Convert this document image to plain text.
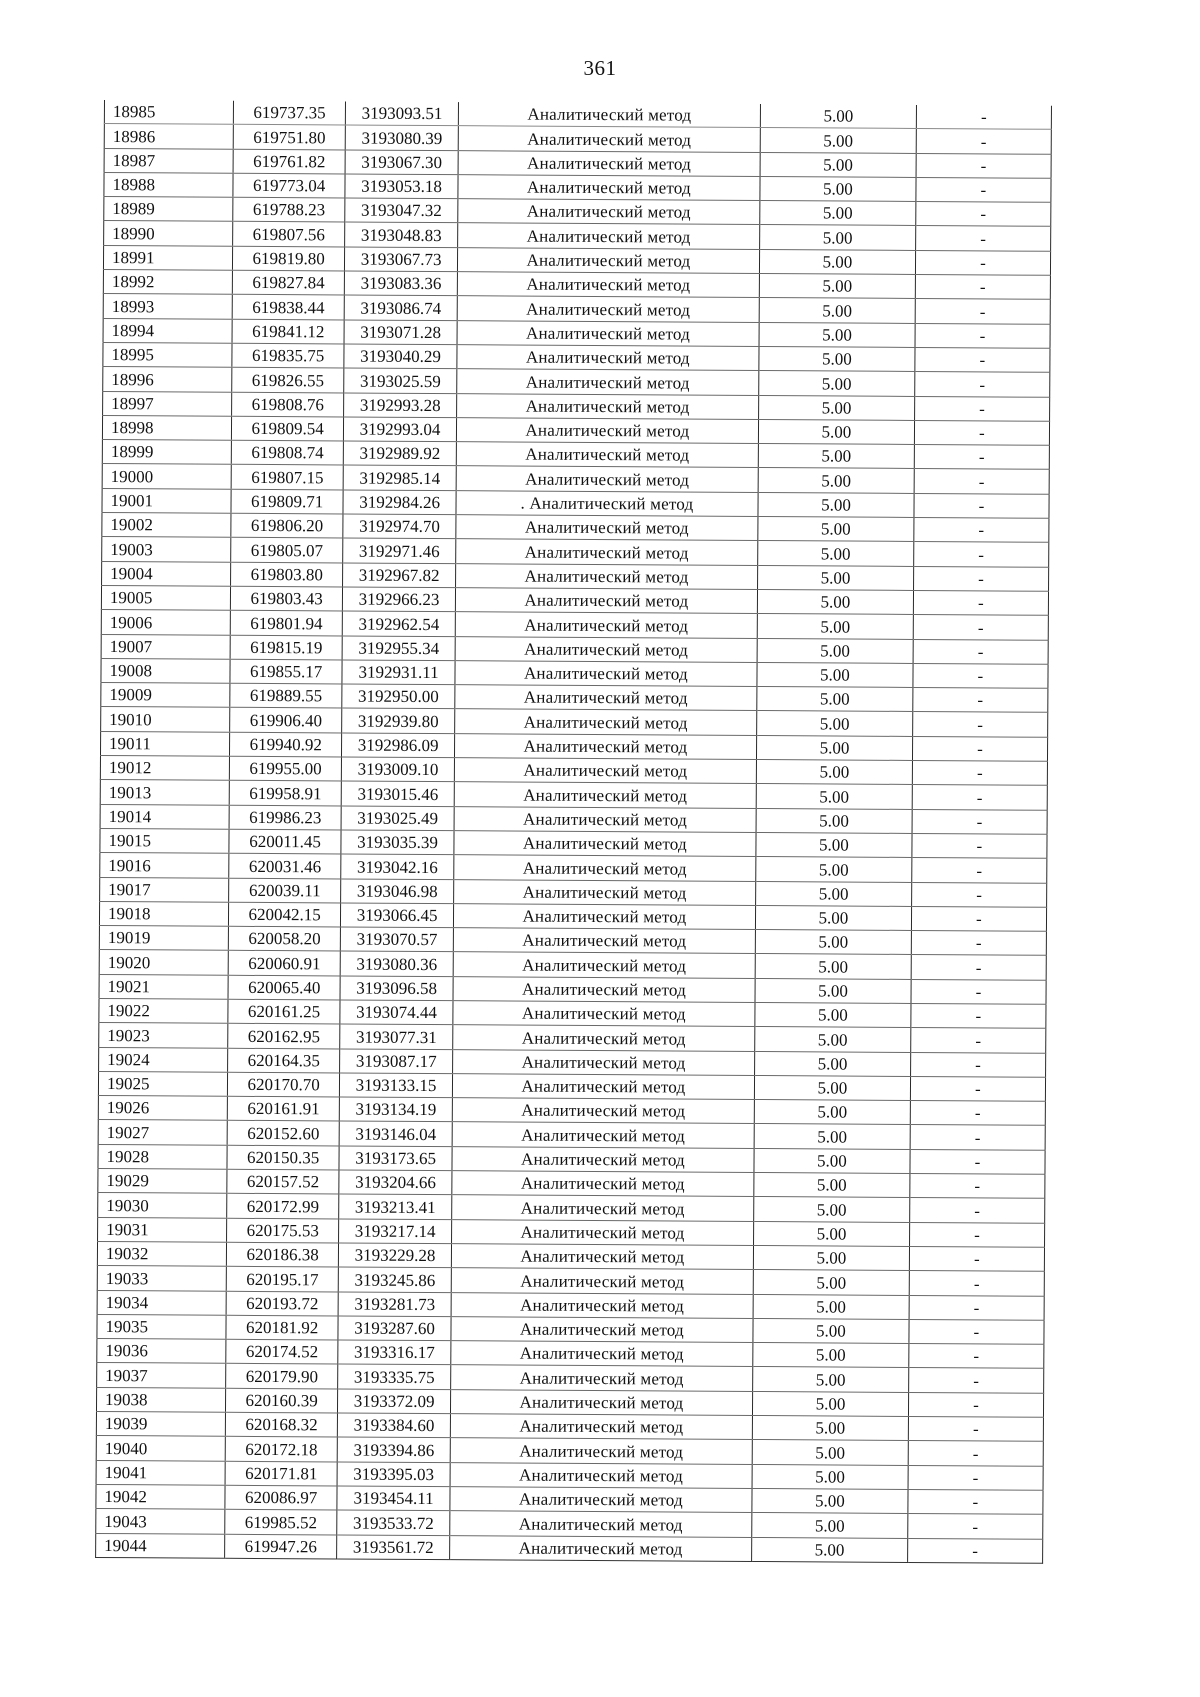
361
18985	619737.35	3193093.51	Аналитический метод	5.00	-
18986	619751.80	3193080.39	Аналитический метод	5.00	-
18987	619761.82	3193067.30	Аналитический метод	5.00	-
18988	619773.04	3193053.18	Аналитический метод	5.00	-
18989	619788.23	3193047.32	Аналитический метод	5.00	-
18990	619807.56	3193048.83	Аналитический метод	5.00	-
18991	619819.80	3193067.73	Аналитический метод	5.00	-
18992	619827.84	3193083.36	Аналитический метод	5.00	-
18993	619838.44	3193086.74	Аналитический метод	5.00	-
18994	619841.12	3193071.28	Аналитический метод	5.00	-
18995	619835.75	3193040.29	Аналитический метод	5.00	-
18996	619826.55	3193025.59	Аналитический метод	5.00	-
18997	619808.76	3192993.28	Аналитический метод	5.00	-
18998	619809.54	3192993.04	Аналитический метод	5.00	-
18999	619808.74	3192989.92	Аналитический метод	5.00	-
19000	619807.15	3192985.14	Аналитический метод	5.00	-
19001	619809.71	3192984.26	. Аналитический метод	5.00	-
19002	619806.20	3192974.70	Аналитический метод	5.00	-
19003	619805.07	3192971.46	Аналитический метод	5.00	-
19004	619803.80	3192967.82	Аналитический метод	5.00	-
19005	619803.43	3192966.23	Аналитический метод	5.00	-
19006	619801.94	3192962.54	Аналитический метод	5.00	-
19007	619815.19	3192955.34	Аналитический метод	5.00	-
19008	619855.17	3192931.11	Аналитический метод	5.00	-
19009	619889.55	3192950.00	Аналитический метод	5.00	-
19010	619906.40	3192939.80	Аналитический метод	5.00	-
19011	619940.92	3192986.09	Аналитический метод	5.00	-
19012	619955.00	3193009.10	Аналитический метод	5.00	-
19013	619958.91	3193015.46	Аналитический метод	5.00	-
19014	619986.23	3193025.49	Аналитический метод	5.00	-
19015	620011.45	3193035.39	Аналитический метод	5.00	-
19016	620031.46	3193042.16	Аналитический метод	5.00	-
19017	620039.11	3193046.98	Аналитический метод	5.00	-
19018	620042.15	3193066.45	Аналитический метод	5.00	-
19019	620058.20	3193070.57	Аналитический метод	5.00	-
19020	620060.91	3193080.36	Аналитический метод	5.00	-
19021	620065.40	3193096.58	Аналитический метод	5.00	-
19022	620161.25	3193074.44	Аналитический метод	5.00	-
19023	620162.95	3193077.31	Аналитический метод	5.00	-
19024	620164.35	3193087.17	Аналитический метод	5.00	-
19025	620170.70	3193133.15	Аналитический метод	5.00	-
19026	620161.91	3193134.19	Аналитический метод	5.00	-
19027	620152.60	3193146.04	Аналитический метод	5.00	-
19028	620150.35	3193173.65	Аналитический метод	5.00	-
19029	620157.52	3193204.66	Аналитический метод	5.00	-
19030	620172.99	3193213.41	Аналитический метод	5.00	-
19031	620175.53	3193217.14	Аналитический метод	5.00	-
19032	620186.38	3193229.28	Аналитический метод	5.00	-
19033	620195.17	3193245.86	Аналитический метод	5.00	-
19034	620193.72	3193281.73	Аналитический метод	5.00	-
19035	620181.92	3193287.60	Аналитический метод	5.00	-
19036	620174.52	3193316.17	Аналитический метод	5.00	-
19037	620179.90	3193335.75	Аналитический метод	5.00	-
19038	620160.39	3193372.09	Аналитический метод	5.00	-
19039	620168.32	3193384.60	Аналитический метод	5.00	-
19040	620172.18	3193394.86	Аналитический метод	5.00	-
19041	620171.81	3193395.03	Аналитический метод	5.00	-
19042	620086.97	3193454.11	Аналитический метод	5.00	-
19043	619985.52	3193533.72	Аналитический метод	5.00	-
19044	619947.26	3193561.72	Аналитический метод	5.00	-
